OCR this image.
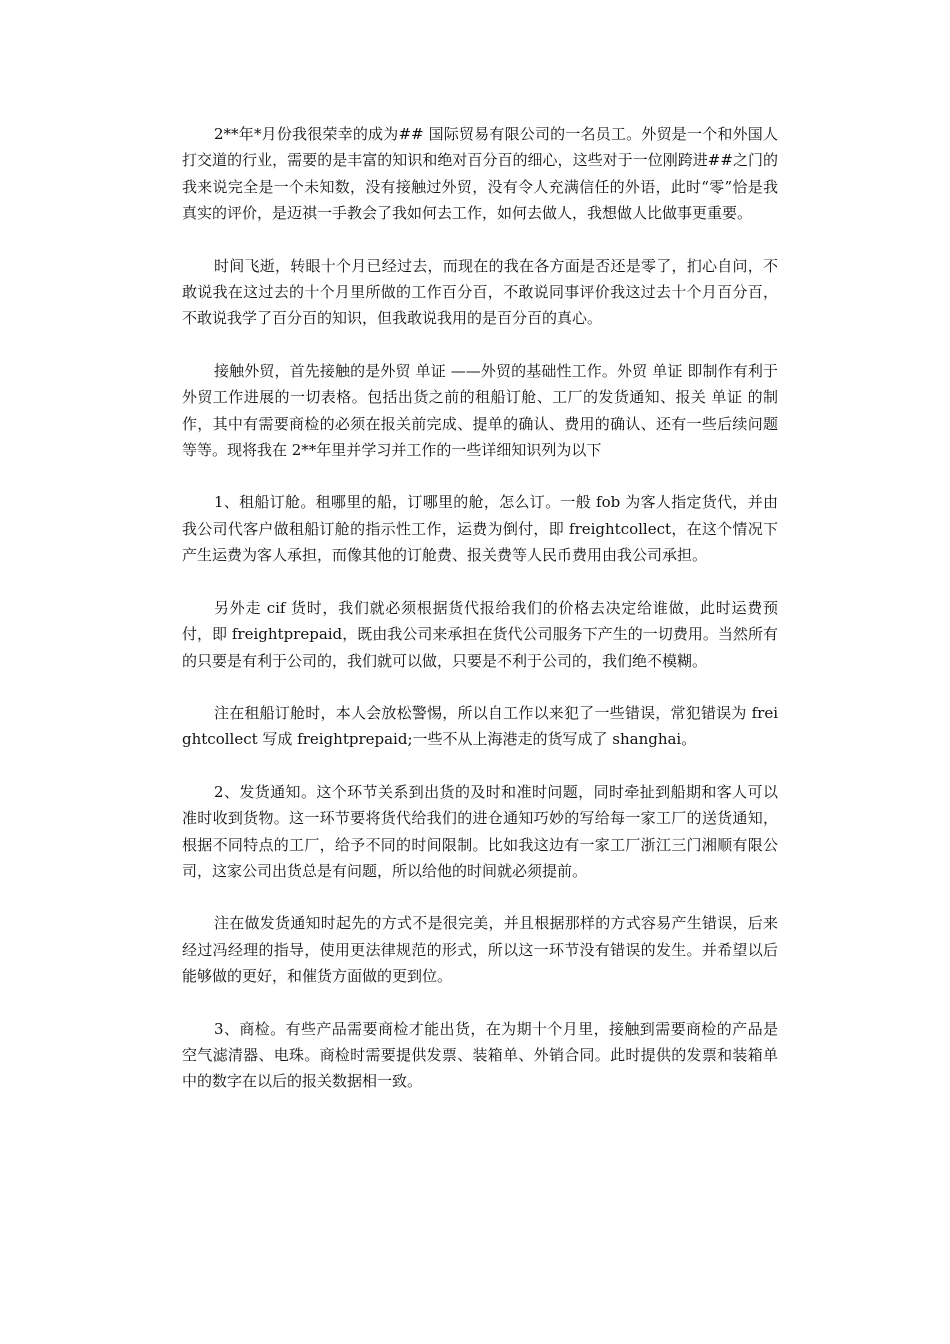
2**年*月份我很荣幸的成为## 国际贸易有限公司的一名员工。外贸是一个和外国人打交道的行业，需要的是丰富的知识和绝对百分百的细心，这些对于一位刚跨进##之门的我来说完全是一个未知数，没有接触过外贸，没有令人充满信任的外语，此时“零”恰是我真实的评价，是迈祺一手教会了我如何去工作，如何去做人，我想做人比做事更重要。

时间飞逝，转眼十个月已经过去，而现在的我在各方面是否还是零了，扪心自问，不敢说我在这过去的十个月里所做的工作百分百，不敢说同事评价我这过去十个月百分百，不敢说我学了百分百的知识，但我敢说我用的是百分百的真心。

接触外贸，首先接触的是外贸 单证 ——外贸的基础性工作。外贸 单证 即制作有利于外贸工作进展的一切表格。包括出货之前的租船订舱、工厂的发货通知、报关 单证 的制作，其中有需要商检的必须在报关前完成、提单的确认、费用的确认、还有一些后续问题等等。现将我在 2**年里并学习并工作的一些详细知识列为以下

1、租船订舱。租哪里的船，订哪里的舱，怎么订。一般 fob 为客人指定货代，并由我公司代客户做租船订舱的指示性工作，运费为倒付，即 freightcollect，在这个情况下产生运费为客人承担，而像其他的订舱费、报关费等人民币费用由我公司承担。

另外走 cif 货时，我们就必须根据货代报给我们的价格去决定给谁做，此时运费预付，即 freightprepaid，既由我公司来承担在货代公司服务下产生的一切费用。当然所有的只要是有利于公司的，我们就可以做，只要是不利于公司的，我们绝不模糊。

注在租船订舱时，本人会放松警惕，所以自工作以来犯了一些错误，常犯错误为 freightcollect 写成 freightprepaid;一些不从上海港走的货写成了 shanghai。

2、发货通知。这个环节关系到出货的及时和准时问题，同时牵扯到船期和客人可以准时收到货物。这一环节要将货代给我们的进仓通知巧妙的写给每一家工厂的送货通知，根据不同特点的工厂，给予不同的时间限制。比如我这边有一家工厂浙江三门湘顺有限公司，这家公司出货总是有问题，所以给他的时间就必须提前。

注在做发货通知时起先的方式不是很完美，并且根据那样的方式容易产生错误，后来经过冯经理的指导，使用更法律规范的形式，所以这一环节没有错误的发生。并希望以后能够做的更好，和催货方面做的更到位。

3、商检。有些产品需要商检才能出货，在为期十个月里，接触到需要商检的产品是空气滤清器、电珠。商检时需要提供发票、装箱单、外销合同。此时提供的发票和装箱单中的数字在以后的报关数据相一致。
